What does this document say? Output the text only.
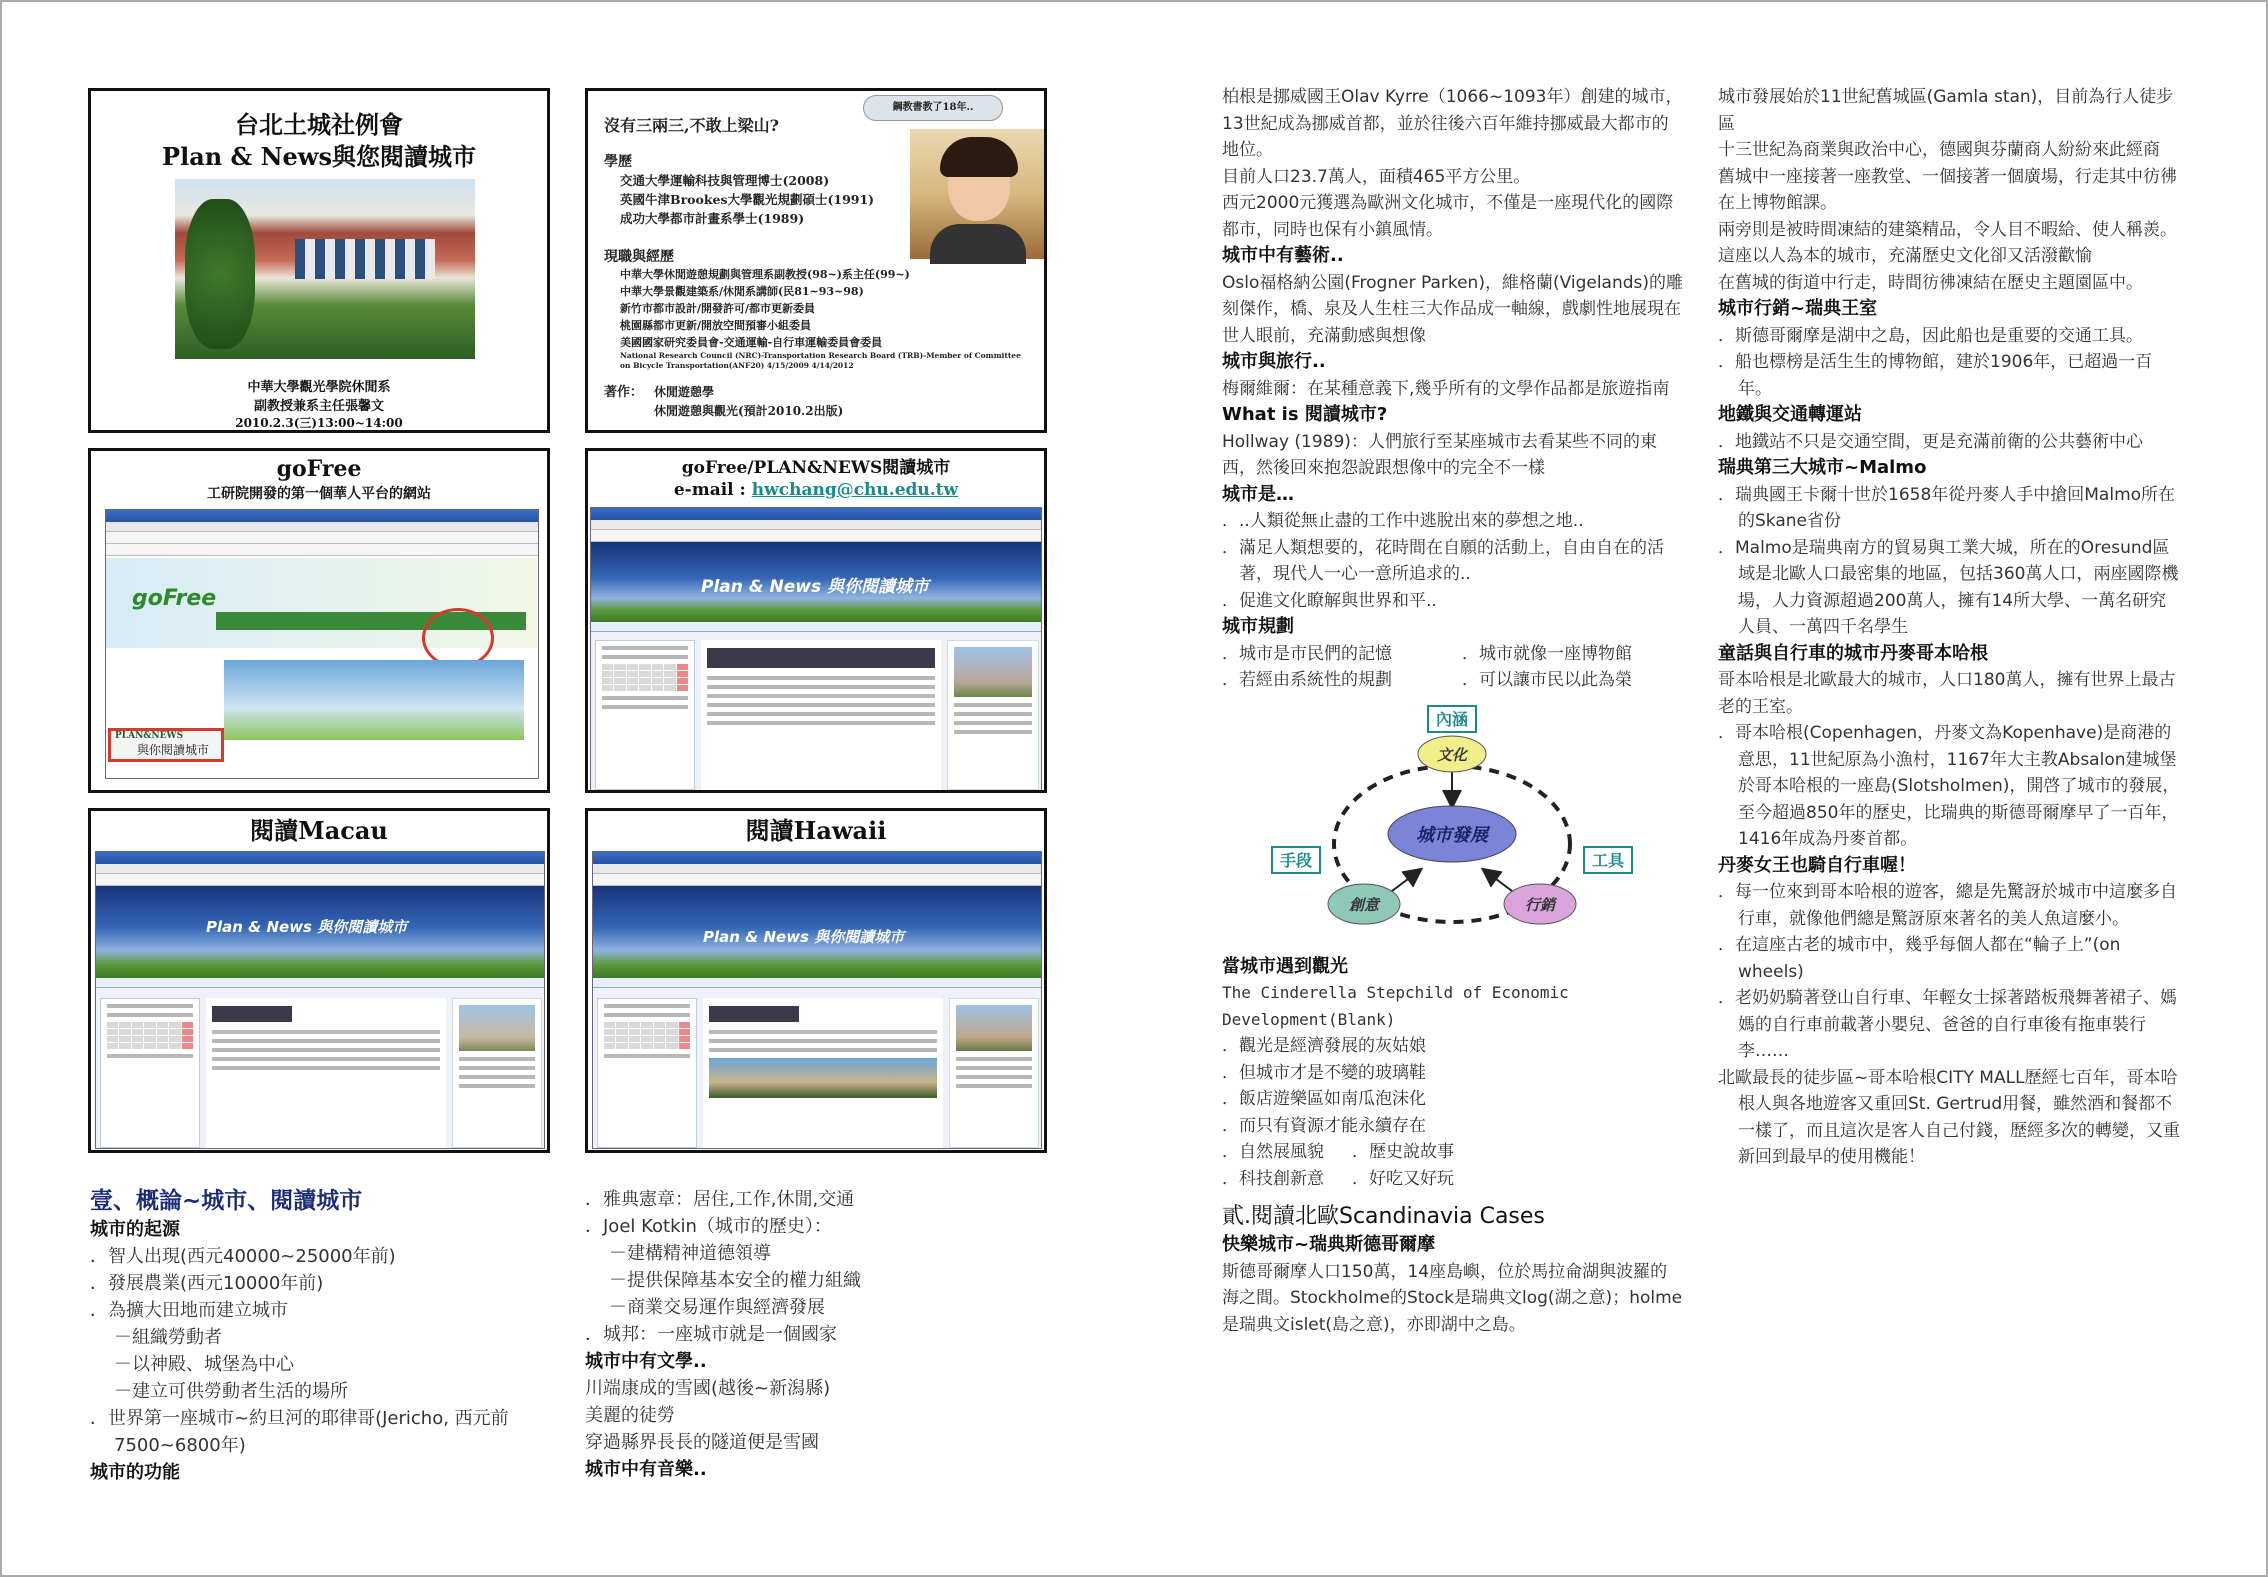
台北土城社例會
Plan & News與您閱讀城市
中華大學觀光學院休閒系
副教授兼系主任張馨文
2010.2.3(三)13:00~14:00
沒有三兩三,不敢上梁山?
鋼教書教了18年..
學歷
交通大學運輸科技與管理博士(2008)
英國牛津Brookes大學觀光規劃碩士(1991)
成功大學都市計畫系學士(1989)
現職與經歷
中華大學休閒遊憩規劃與管理系副教授(98~)系主任(99~)
中華大學景觀建築系/休閒系講師(民81~93~98)
新竹市都市設計/開發許可/都市更新委員
桃園縣都市更新/開放空間預審小組委員
美國國家研究委員會-交通運輸-自行車運輸委員會委員
National Research Council (NRC)-Transportation Research Board (TRB)-Member of Committee on Bicycle Transportation(ANF20) 4/15/2009 4/14/2012
著作： 休閒遊憩學
休閒遊憩與觀光(預計2010.2出版)
goFree
工研院開發的第一個華人平台的網站
goFree
PLAN&NEWS
與你閱讀城市
goFree/PLAN&NEWS閱讀城市
e-mail : hwchang@chu.edu.tw
Plan & News 與你閱讀城市
閱讀Macau
Plan & News 與你閱讀城市
閱讀Hawaii
Plan & News 與你閱讀城市
壹、概論~城市、閱讀城市
城市的起源
．智人出現(西元40000~25000年前)
．發展農業(西元10000年前)
．為擴大田地而建立城市
－組織勞動者
－以神殿、城堡為中心
－建立可供勞動者生活的場所
．世界第一座城市~約旦河的耶律哥(Jericho, 西元前7500~6800年)
城市的功能
．雅典憲章：居住,工作,休閒,交通
．Joel Kotkin（城市的歷史）：
－建構精神道德領導
－提供保障基本安全的權力組織
－商業交易運作與經濟發展
．城邦：一座城市就是一個國家
城市中有文學..
川端康成的雪國(越後~新潟縣)
美麗的徒勞
穿過縣界長長的隧道便是雪國
城市中有音樂..
柏根是挪威國王Olav Kyrre（1066~1093年）創建的城市，13世紀成為挪威首都，並於往後六百年維持挪威最大都市的地位。
目前人口23.7萬人，面積465平方公里。
西元2000元獲選為歐洲文化城市，不僅是一座現代化的國際都市，同時也保有小鎮風情。
城市中有藝術..
Oslo福格納公園(Frogner Parken)，維格蘭(Vigelands)的雕刻傑作，橋、泉及人生柱三大作品成一軸線，戲劇性地展現在世人眼前，充滿動感與想像
城市與旅行..
梅爾維爾：在某種意義下,幾乎所有的文學作品都是旅遊指南
What is 閱讀城市?
Hollway (1989)：人們旅行至某座城市去看某些不同的東西，然後回來抱怨說跟想像中的完全不一樣
城市是…
．..人類從無止盡的工作中逃脫出來的夢想之地..
．滿足人類想要的，花時間在自願的活動上，自由自在的活著，現代人一心一意所追求的..
．促進文化瞭解與世界和平..
城市規劃
．城市是市民們的記憶	．城市就像一座博物館
．若經由系統性的規劃	．可以讓市民以此為榮
內涵
文化
城市發展
手段	工具
創意	行銷
當城市遇到觀光
The Cinderella Stepchild of Economic Development(Blank)
．觀光是經濟發展的灰姑娘
．但城市才是不變的玻璃鞋
．飯店遊樂區如南瓜泡沫化
．而只有資源才能永續存在
．自然展風貌	．歷史說故事
．科技創新意	．好吃又好玩
貳.閱讀北歐Scandinavia Cases
快樂城市~瑞典斯德哥爾摩
斯德哥爾摩人口150萬，14座島嶼，位於馬拉侖湖與波羅的海之間。Stockholme的Stock是瑞典文log(湖之意)；holme是瑞典文islet(島之意)，亦即湖中之島。
城市發展始於11世紀舊城區(Gamla stan)，目前為行人徒步區
十三世紀為商業與政治中心，德國與芬蘭商人紛紛來此經商
舊城中一座接著一座教堂、一個接著一個廣場，行走其中彷彿在上博物館課。
兩旁則是被時間凍結的建築精品，令人目不暇給、使人稱羨。
這座以人為本的城市，充滿歷史文化卻又活潑歡愉
在舊城的街道中行走，時間彷彿凍結在歷史主題園區中。
城市行銷~瑞典王室
．斯德哥爾摩是湖中之島，因此船也是重要的交通工具。
．船也標榜是活生生的博物館，建於1906年，已超過一百年。
地鐵與交通轉運站
．地鐵站不只是交通空間，更是充滿前衛的公共藝術中心
瑞典第三大城市~Malmo
．瑞典國王卡爾十世於1658年從丹麥人手中搶回Malmo所在的Skane省份
．Malmo是瑞典南方的貿易與工業大城，所在的Oresund區域是北歐人口最密集的地區，包括360萬人口，兩座國際機場，人力資源超過200萬人，擁有14所大學、一萬名研究人員、一萬四千名學生
童話與自行車的城市丹麥哥本哈根
哥本哈根是北歐最大的城市，人口180萬人，擁有世界上最古老的王室。
．哥本哈根(Copenhagen，丹麥文為Kopenhave)是商港的意思，11世紀原為小漁村，1167年大主教Absalon建城堡於哥本哈根的一座島(Slotsholmen)，開啓了城市的發展，至今超過850年的歷史，比瑞典的斯德哥爾摩早了一百年，1416年成為丹麥首都。
丹麥女王也騎自行車喔！
．每一位來到哥本哈根的遊客，總是先驚訝於城市中這麼多自行車，就像他們總是驚訝原來著名的美人魚這麼小。
．在這座古老的城市中，幾乎每個人都在“輪子上”(on wheels)
．老奶奶騎著登山自行車、年輕女士採著踏板飛舞著裙子、媽媽的自行車前載著小嬰兒、爸爸的自行車後有拖車裝行李……
北歐最長的徒步區~哥本哈根CITY MALL歷經七百年，哥本哈根人與各地遊客又重回St. Gertrud用餐，雖然酒和餐都不一樣了，而且這次是客人自己付錢，歷經多次的轉變，又重新回到最早的使用機能！
